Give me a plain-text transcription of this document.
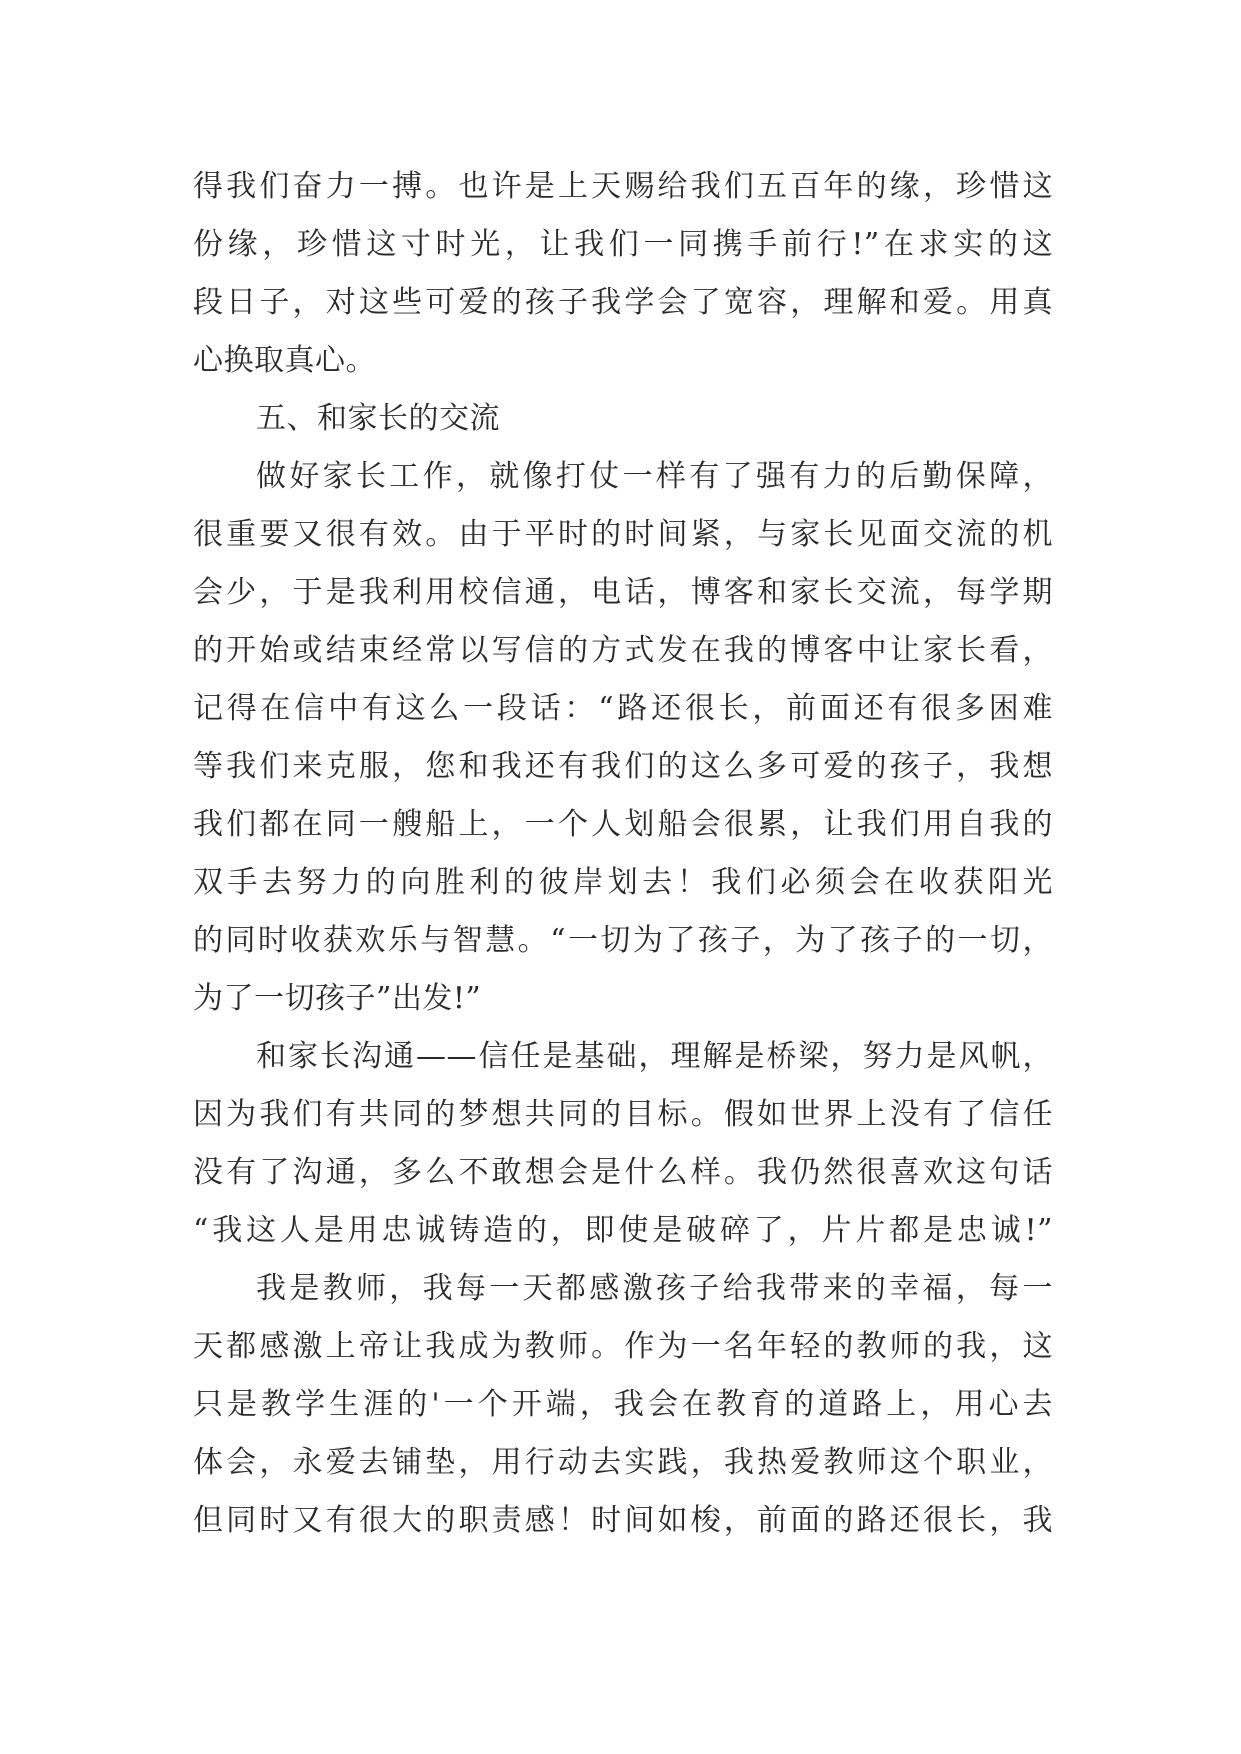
得我们奋力一搏。也许是上天赐给我们五百年的缘，珍惜这
份缘，珍惜这寸时光，让我们一同携手前行!”在求实的这
段日子，对这些可爱的孩子我学会了宽容，理解和爱。用真
心换取真心。
五、和家长的交流
做好家长工作，就像打仗一样有了强有力的后勤保障，
很重要又很有效。由于平时的时间紧，与家长见面交流的机
会少，于是我利用校信通，电话，博客和家长交流，每学期
的开始或结束经常以写信的方式发在我的博客中让家长看，
记得在信中有这么一段话：“路还很长，前面还有很多困难
等我们来克服，您和我还有我们的这么多可爱的孩子，我想
我们都在同一艘船上，一个人划船会很累，让我们用自我的
双手去努力的向胜利的彼岸划去！我们必须会在收获阳光
的同时收获欢乐与智慧。“一切为了孩子，为了孩子的一切，
为了一切孩子”出发!”
和家长沟通——信任是基础，理解是桥梁，努力是风帆，
因为我们有共同的梦想共同的目标。假如世界上没有了信任
没有了沟通，多么不敢想会是什么样。我仍然很喜欢这句话
“我这人是用忠诚铸造的，即使是破碎了，片片都是忠诚!”
我是教师，我每一天都感激孩子给我带来的幸福，每一
天都感激上帝让我成为教师。作为一名年轻的教师的我，这
只是教学生涯的'一个开端，我会在教育的道路上，用心去
体会，永爱去铺垫，用行动去实践，我热爱教师这个职业，
但同时又有很大的职责感！时间如梭，前面的路还很长，我
